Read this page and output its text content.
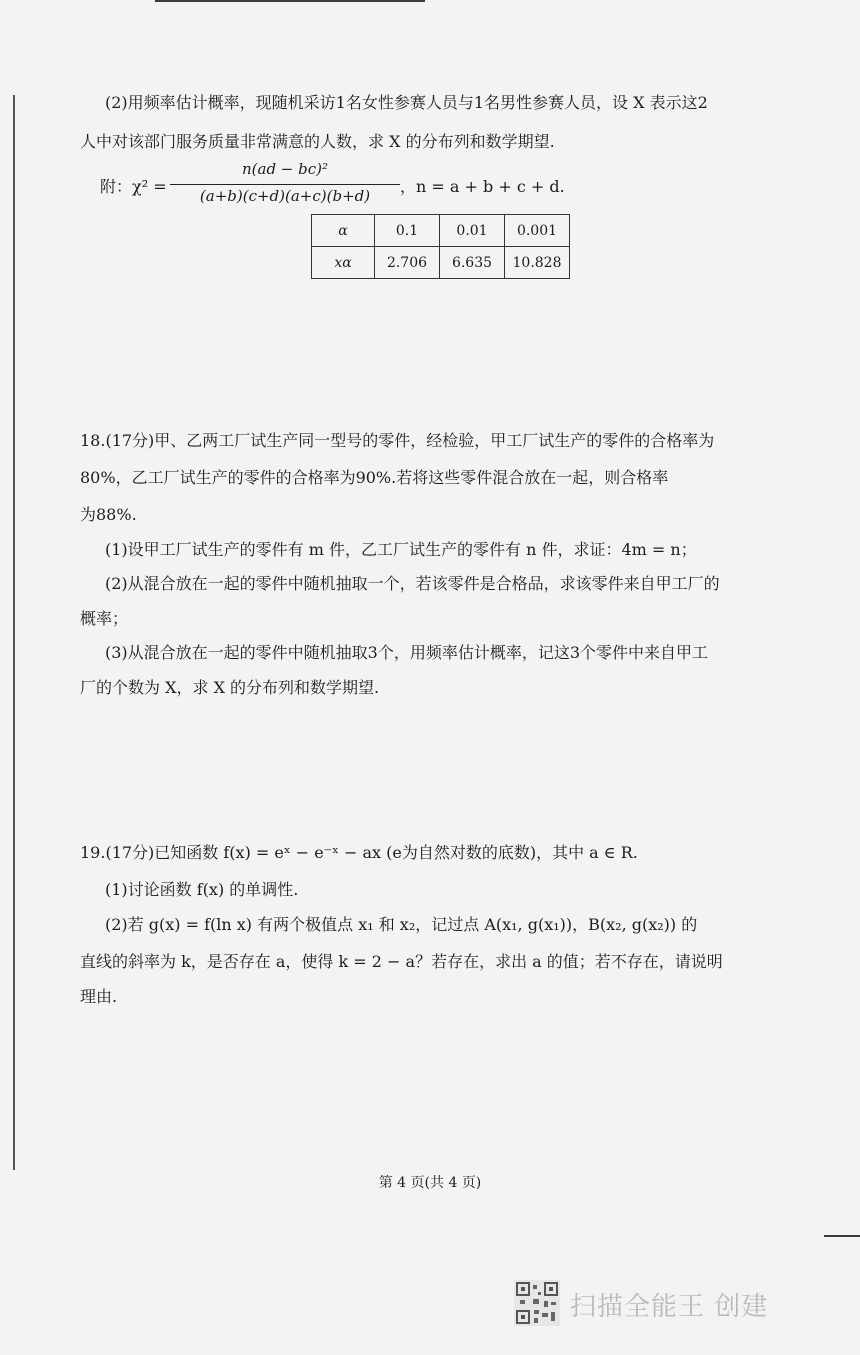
(2)用频率估计概率，现随机采访1名女性参赛人员与1名男性参赛人员，设 X 表示这2
人中对该部门服务质量非常满意的人数，求 X 的分布列和数学期望.
附：χ² =
n(ad − bc)²
(a+b)(c+d)(a+c)(b+d)	，n = a + b + c + d.
α	0.1	0.01	0.001
xα	2.706	6.635	10.828
18.(17分)甲、乙两工厂试生产同一型号的零件，经检验，甲工厂试生产的零件的合格率为
80%，乙工厂试生产的零件的合格率为90%.若将这些零件混合放在一起，则合格率
为88%.
(1)设甲工厂试生产的零件有 m 件，乙工厂试生产的零件有 n 件，求证：4m = n；
(2)从混合放在一起的零件中随机抽取一个，若该零件是合格品，求该零件来自甲工厂的
概率；
(3)从混合放在一起的零件中随机抽取3个，用频率估计概率，记这3个零件中来自甲工
厂的个数为 X，求 X 的分布列和数学期望.
19.(17分)已知函数 f(x) = eˣ − e⁻ˣ − ax (e为自然对数的底数)，其中 a ∈ R.
(1)讨论函数 f(x) 的单调性.
(2)若 g(x) = f(ln x) 有两个极值点 x₁ 和 x₂，记过点 A(x₁, g(x₁))，B(x₂, g(x₂)) 的
直线的斜率为 k，是否存在 a，使得 k = 2 − a？若存在，求出 a 的值；若不存在，请说明
理由.
第 4 页(共 4 页)
扫描全能王 创建
